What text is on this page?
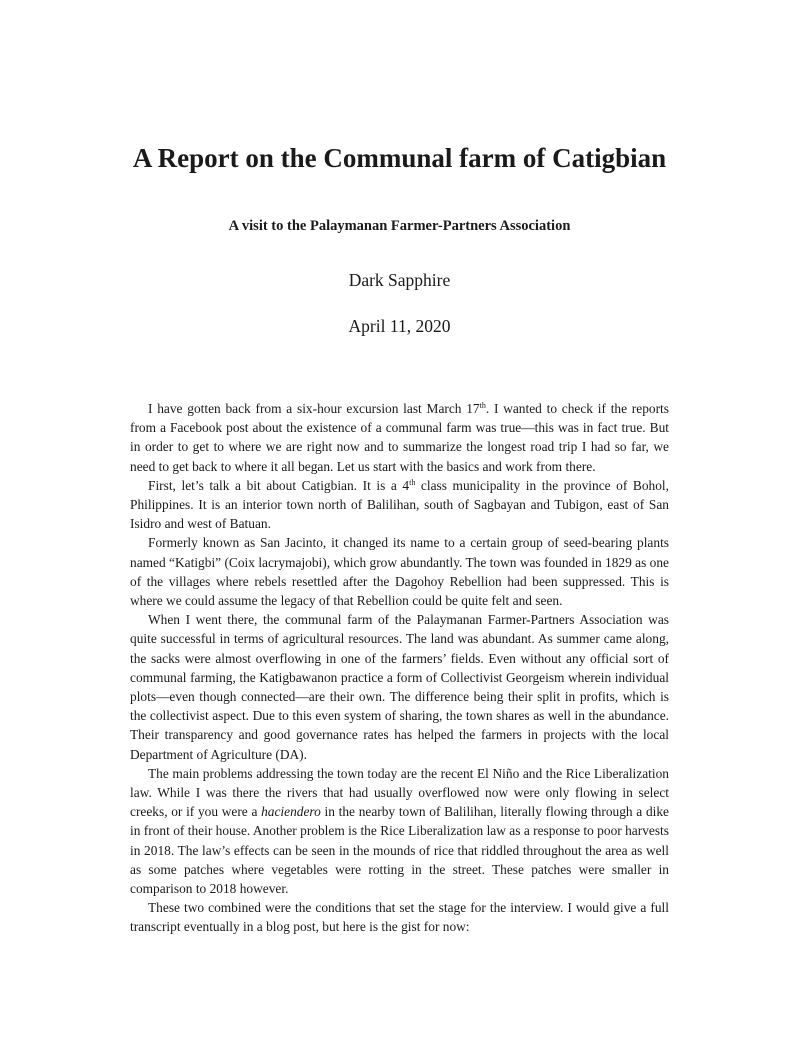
A Report on the Communal farm of Catigbian
A visit to the Palaymanan Farmer-Partners Association
Dark Sapphire
April 11, 2020

I have gotten back from a six-hour excursion last March 17th. I wanted to check if the reports from a Facebook post about the existence of a communal farm was true—this was in fact true. But in order to get to where we are right now and to summarize the longest road trip I had so far, we need to get back to where it all began. Let us start with the basics and work from there.

First, let’s talk a bit about Catigbian. It is a 4th class municipality in the province of Bohol, Philippines. It is an interior town north of Balilihan, south of Sagbayan and Tubigon, east of San Isidro and west of Batuan.

Formerly known as San Jacinto, it changed its name to a certain group of seed-bearing plants named “Katigbi” (Coix lacrymajobi), which grow abundantly. The town was founded in 1829 as one of the villages where rebels resettled after the Dagohoy Rebellion had been suppressed. This is where we could assume the legacy of that Rebellion could be quite felt and seen.

When I went there, the communal farm of the Palaymanan Farmer-Partners Association was quite successful in terms of agricultural resources. The land was abundant. As summer came along, the sacks were almost overflowing in one of the farmers’ fields. Even without any official sort of communal farming, the Katigbawanon practice a form of Collectivist Georgeism wherein individual plots—even though connected—are their own. The difference being their split in profits, which is the collectivist aspect. Due to this even system of sharing, the town shares as well in the abundance. Their transparency and good governance rates has helped the farmers in projects with the local Department of Agriculture (DA).

The main problems addressing the town today are the recent El Niño and the Rice Liberalization law. While I was there the rivers that had usually overflowed now were only flowing in select creeks, or if you were a haciendero in the nearby town of Balilihan, literally flowing through a dike in front of their house. Another problem is the Rice Liberalization law as a response to poor harvests in 2018. The law’s effects can be seen in the mounds of rice that riddled throughout the area as well as some patches where vegetables were rotting in the street. These patches were smaller in comparison to 2018 however.

These two combined were the conditions that set the stage for the interview. I would give a full transcript eventually in a blog post, but here is the gist for now:
